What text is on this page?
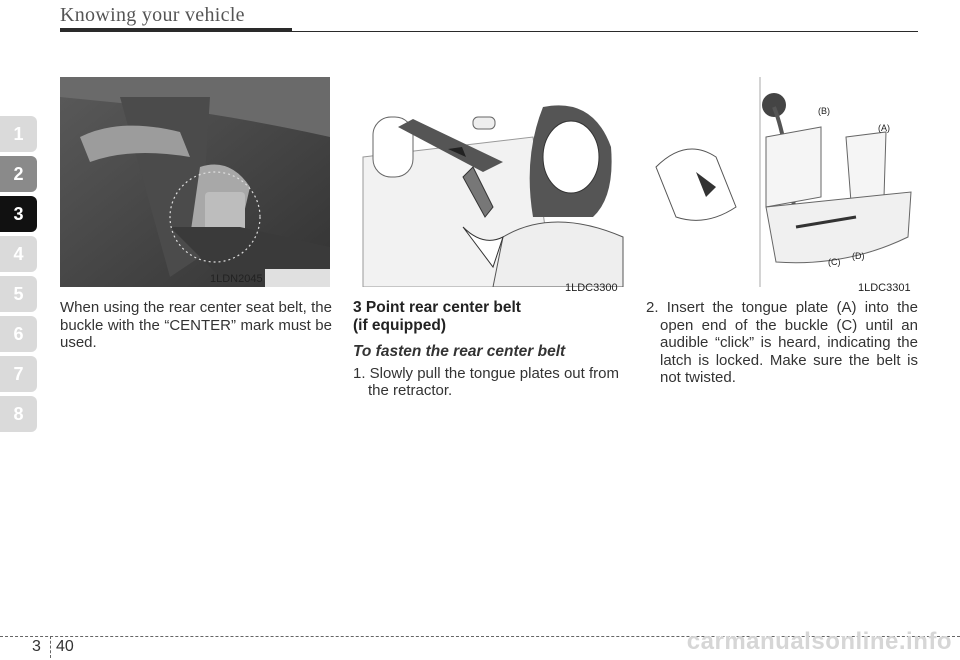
Knowing your vehicle
1
2
3
4
5
6
7
8
1LDN2045
1LDC3300
(B)
(A)
(C)
(D)
1LDC3301
When using the rear center seat belt, the buckle with the “CENTER” mark must be used.
3 Point rear center belt
(if equipped)
To fasten the rear center belt
1. Slowly pull the tongue plates out from the retractor.
2. Insert the tongue plate (A) into the open end of the buckle (C) until an audible “click” is heard, indicating the latch is locked. Make sure the belt is not twisted.
3 40	carmanualsonline.info
